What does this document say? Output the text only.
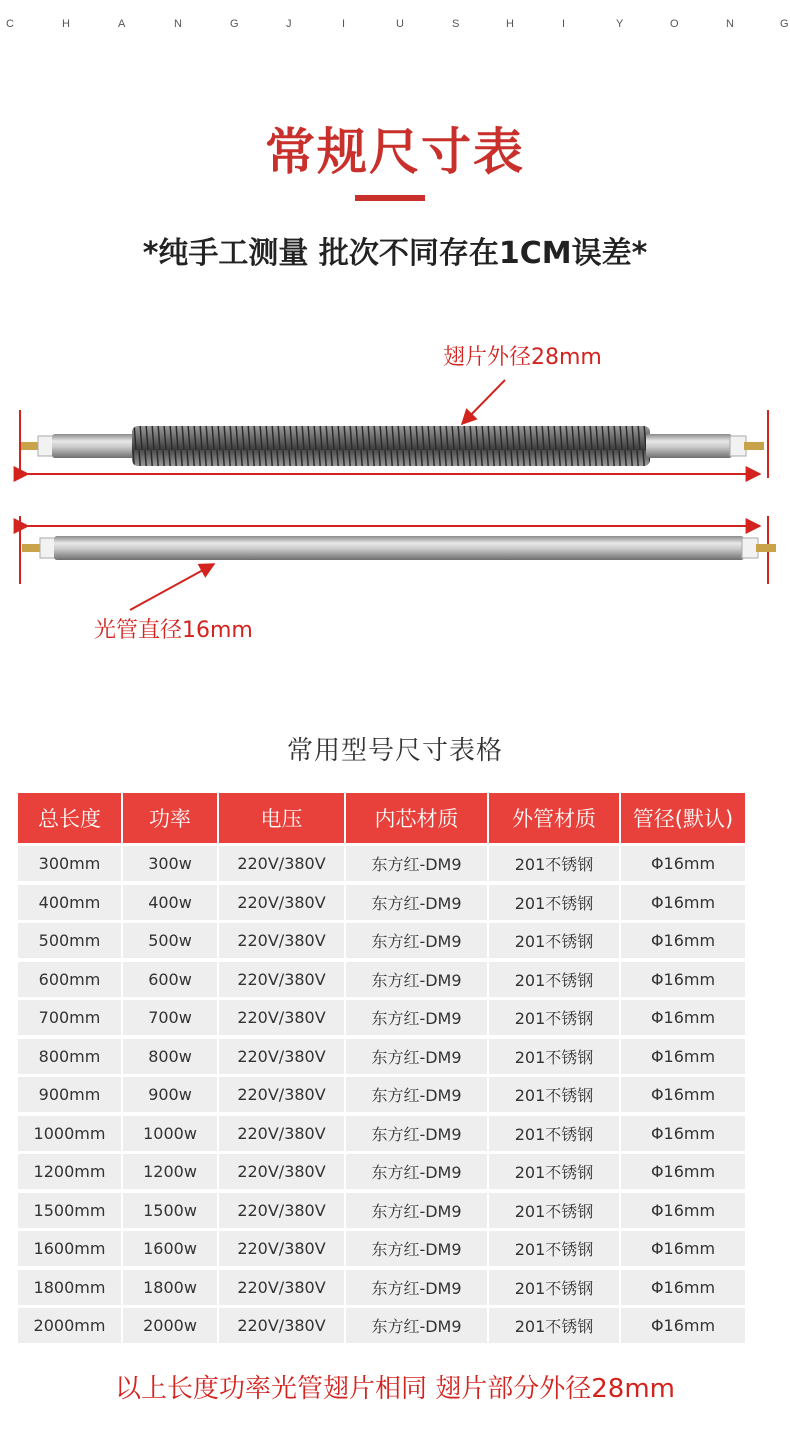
C	H	A	N	G	J	I	U	S	H	I	Y	O	N	G
常规尺寸表
*纯手工测量 批次不同存在1CM误差*
翅片外径28mm
光管直径16mm
常用型号尺寸表格
总长度	功率	电压	内芯材质	外管材质	管径(默认)
300mm	300w	220V/380V	东方红-DM9	201不锈钢	Φ16mm
400mm	400w	220V/380V	东方红-DM9	201不锈钢	Φ16mm
500mm	500w	220V/380V	东方红-DM9	201不锈钢	Φ16mm
600mm	600w	220V/380V	东方红-DM9	201不锈钢	Φ16mm
700mm	700w	220V/380V	东方红-DM9	201不锈钢	Φ16mm
800mm	800w	220V/380V	东方红-DM9	201不锈钢	Φ16mm
900mm	900w	220V/380V	东方红-DM9	201不锈钢	Φ16mm
1000mm	1000w	220V/380V	东方红-DM9	201不锈钢	Φ16mm
1200mm	1200w	220V/380V	东方红-DM9	201不锈钢	Φ16mm
1500mm	1500w	220V/380V	东方红-DM9	201不锈钢	Φ16mm
1600mm	1600w	220V/380V	东方红-DM9	201不锈钢	Φ16mm
1800mm	1800w	220V/380V	东方红-DM9	201不锈钢	Φ16mm
2000mm	2000w	220V/380V	东方红-DM9	201不锈钢	Φ16mm
以上长度功率光管翅片相同 翅片部分外径28mm
